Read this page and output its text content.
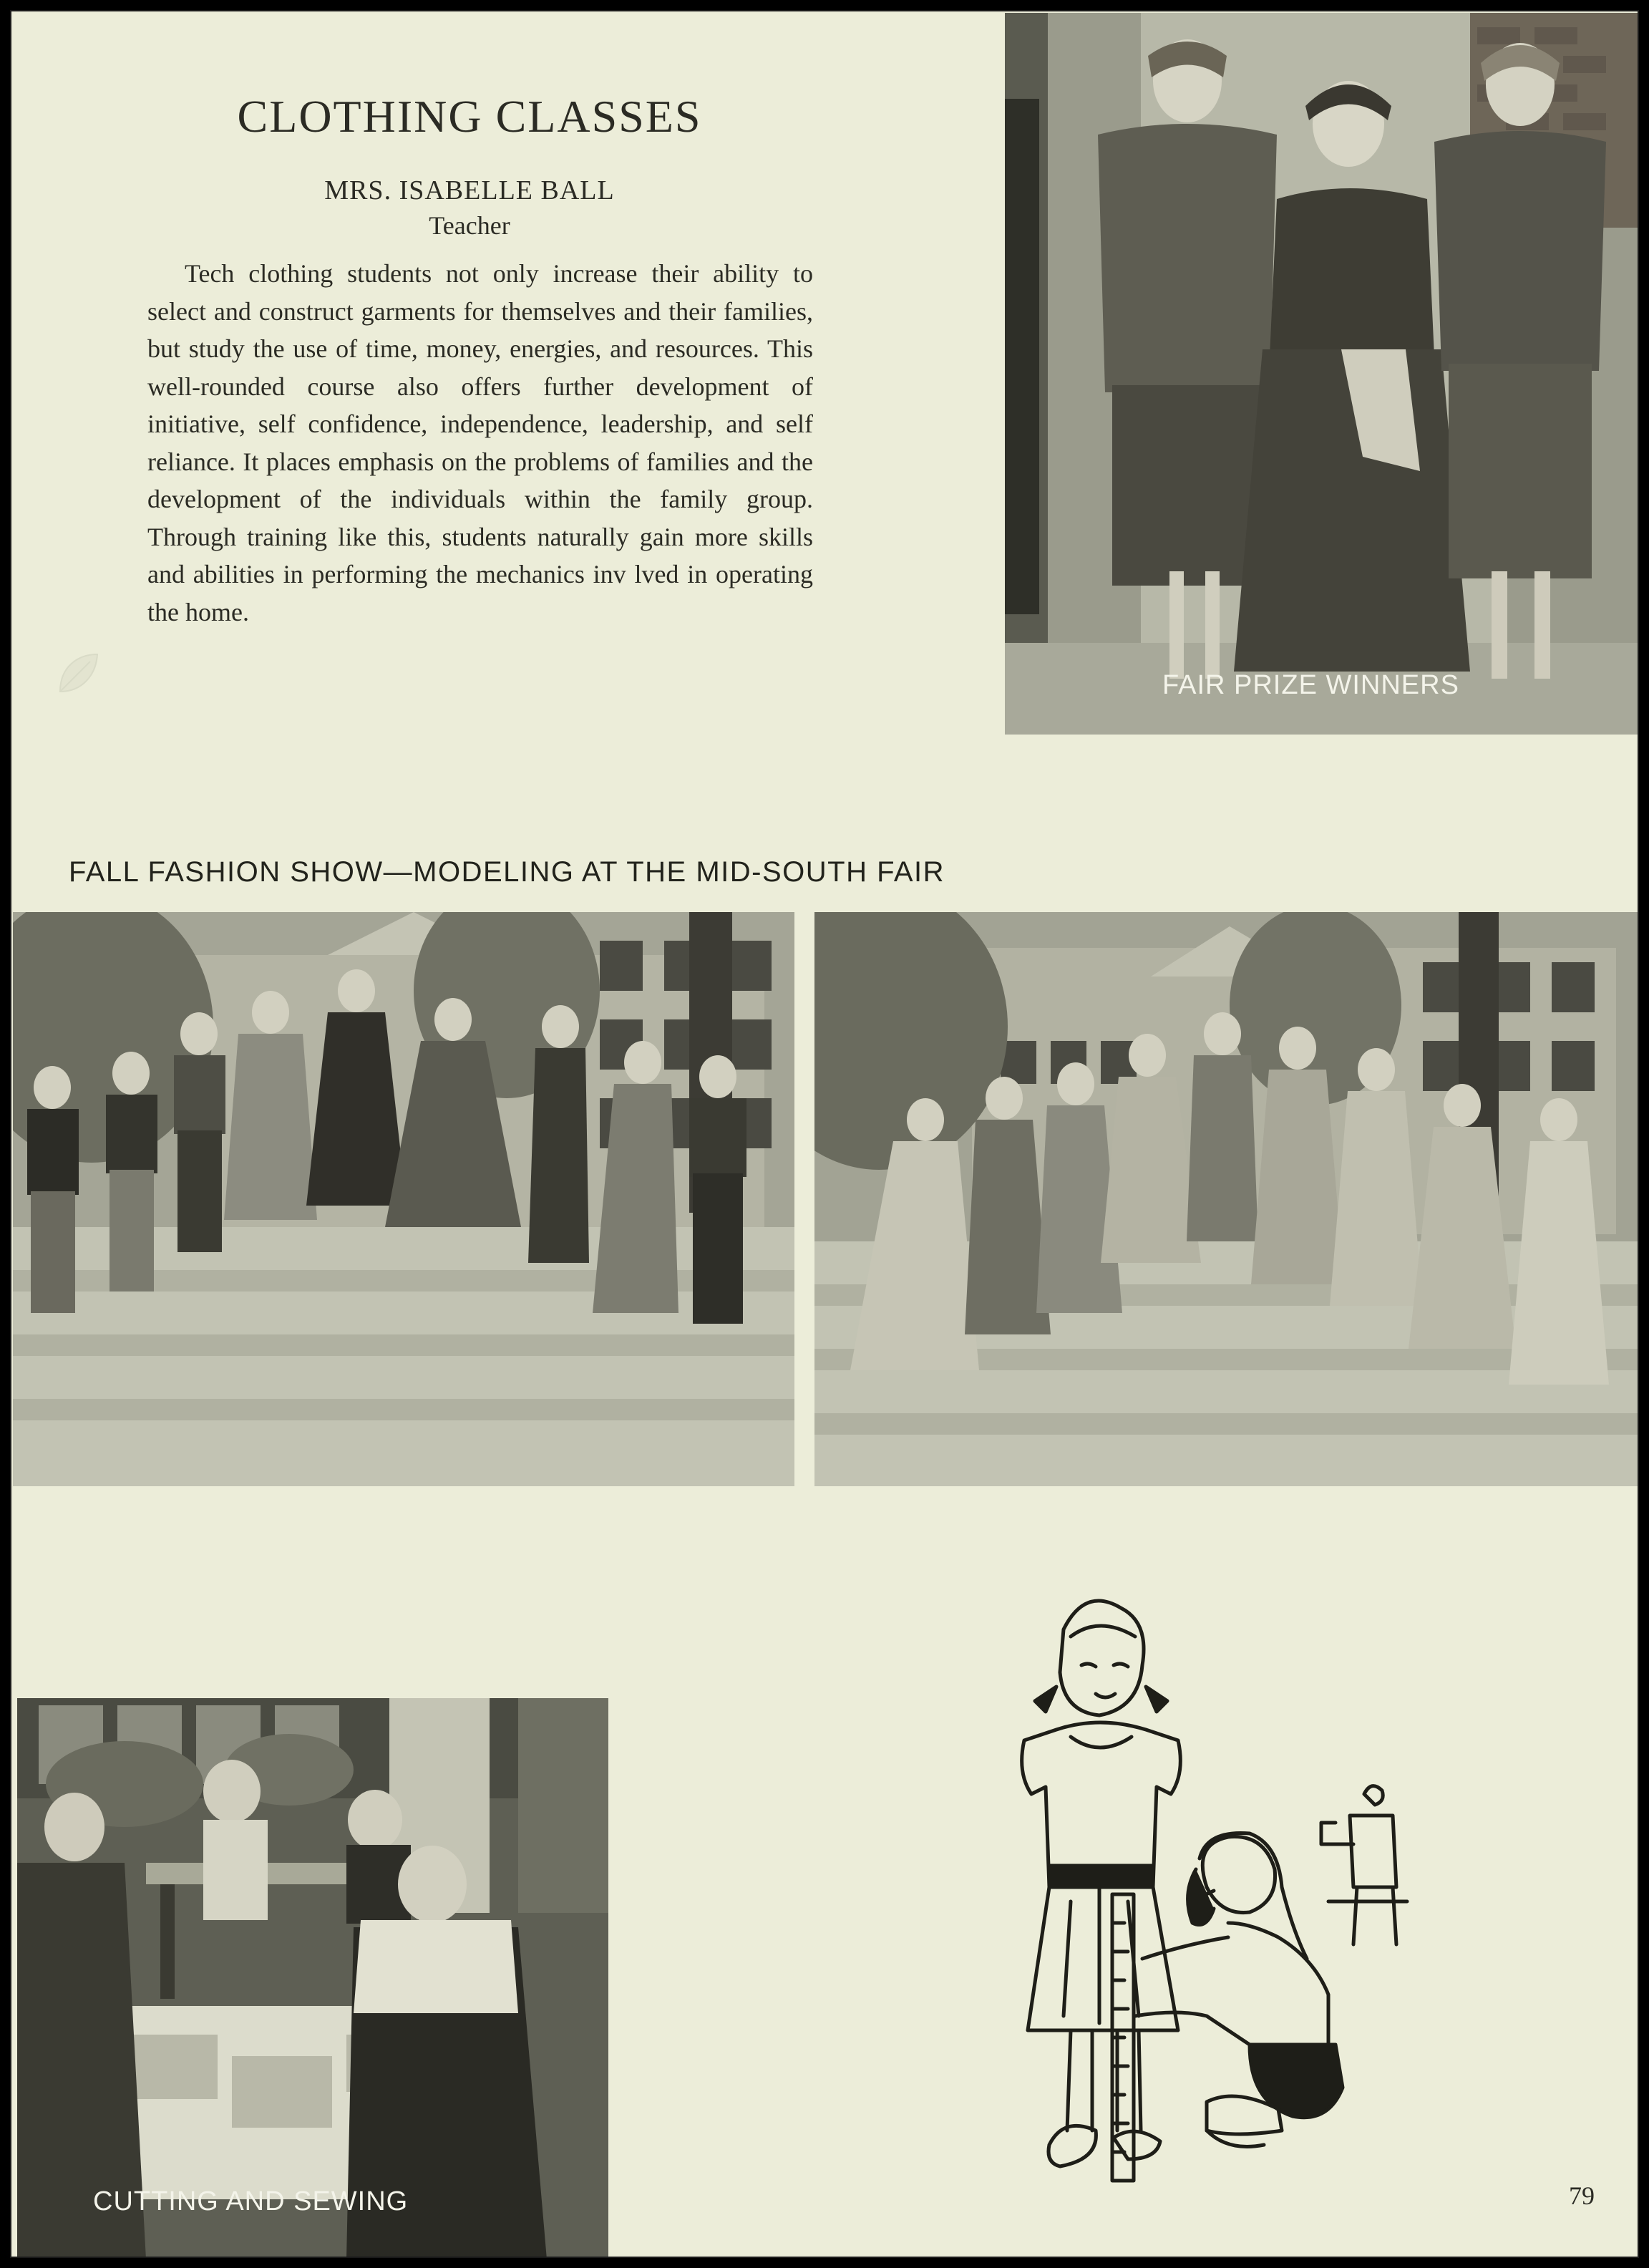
CLOTHING CLASSES
MRS. ISABELLE BALL
Teacher

Tech clothing students not only increase their ability to select and construct garments for themselves and their families, but study the use of time, money, energies, and resources. This well-rounded course also offers further development of initiative, self confidence, independence, leadership, and self reliance. It places emphasis on the problems of families and the development of the individuals within the family group. Through training like this, students naturally gain more skills and abilities in performing the mechanics inv lved in operating the home.

FAIR PRIZE WINNERS
FALL FASHION SHOW—MODELING AT THE MID-SOUTH FAIR
CUTTING AND SEWING	79
